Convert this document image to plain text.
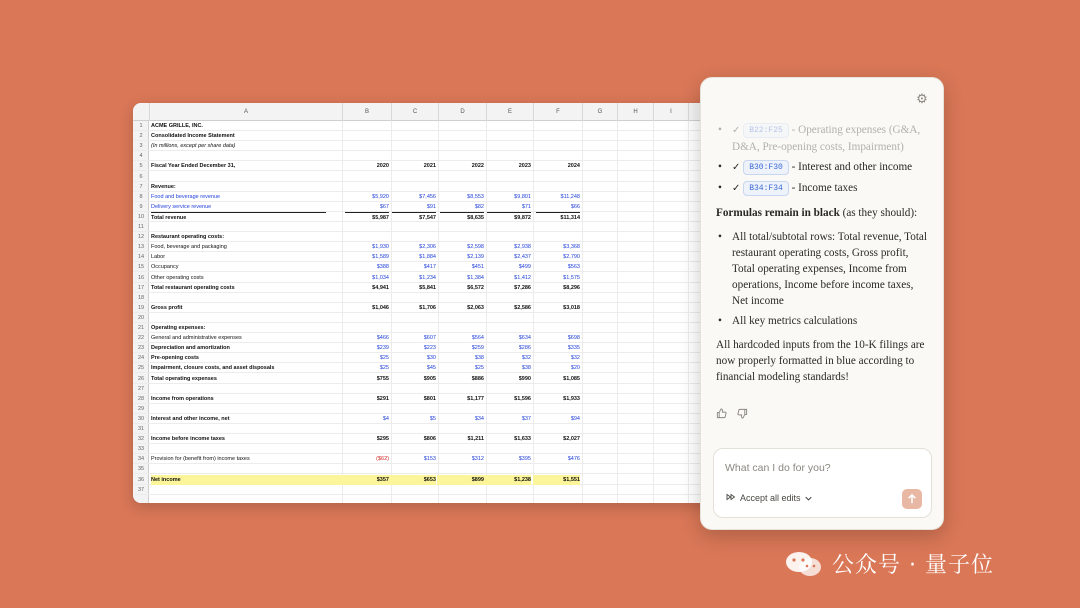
A	B	C	D	E	F	G	H	I
1	ACME GRILLE, INC.
2	Consolidated Income Statement
3	(In millions, except per share data)
4
5	Fiscal Year Ended December 31,	2020	2021	2022	2023	2024
6
7	Revenue:
8	Food and beverage revenue	$5,920	$7,456	$8,553	$9,801	$11,248
9	Delivery service revenue	$67	$91	$82	$71	$66
10	Total revenue	$5,987	$7,547	$8,635	$9,872	$11,314
11
12	Restaurant operating costs:
13	Food, beverage and packaging	$1,930	$2,306	$2,598	$2,938	$3,368
14	Labor	$1,589	$1,884	$2,139	$2,437	$2,790
15	Occupancy	$388	$417	$451	$499	$563
16	Other operating costs	$1,034	$1,234	$1,384	$1,412	$1,575
17	Total restaurant operating costs	$4,941	$5,841	$6,572	$7,286	$8,296
18
19	Gross profit	$1,046	$1,706	$2,063	$2,586	$3,018
20
21	Operating expenses:
22	General and administrative expenses	$466	$607	$564	$634	$698
23	Depreciation and amortization	$239	$223	$259	$286	$335
24	Pre-opening costs	$25	$30	$38	$32	$32
25	Impairment, closure costs, and asset disposals	$25	$45	$25	$38	$20
26	Total operating expenses	$755	$905	$886	$990	$1,085
27
28	Income from operations	$291	$801	$1,177	$1,596	$1,933
29
30	Interest and other income, net	$4	$5	$34	$37	$94
31
32	Income before income taxes	$295	$806	$1,211	$1,633	$2,027
33
34	Provision for (benefit from) income taxes	($62)	$153	$312	$395	$476
35
36	Net income	$357	$653	$899	$1,238	$1,551
37
⚙
• ✓ B22:F25 - Operating expenses (G&A, D&A, Pre-opening costs, Impairment)
• ✓ B30:F30 - Interest and other income
• ✓ B34:F34 - Income taxes

Formulas remain in black (as they should):

• All total/subtotal rows: Total revenue, Total restaurant operating costs, Gross profit, Total operating expenses, Income from operations, Income before income taxes, Net income
• All key metrics calculations

All hardcoded inputs from the 10-K filings are now properly formatted in blue according to financial modeling standards!

What can I do for you?
Accept all edits
公众号 · 量子位
